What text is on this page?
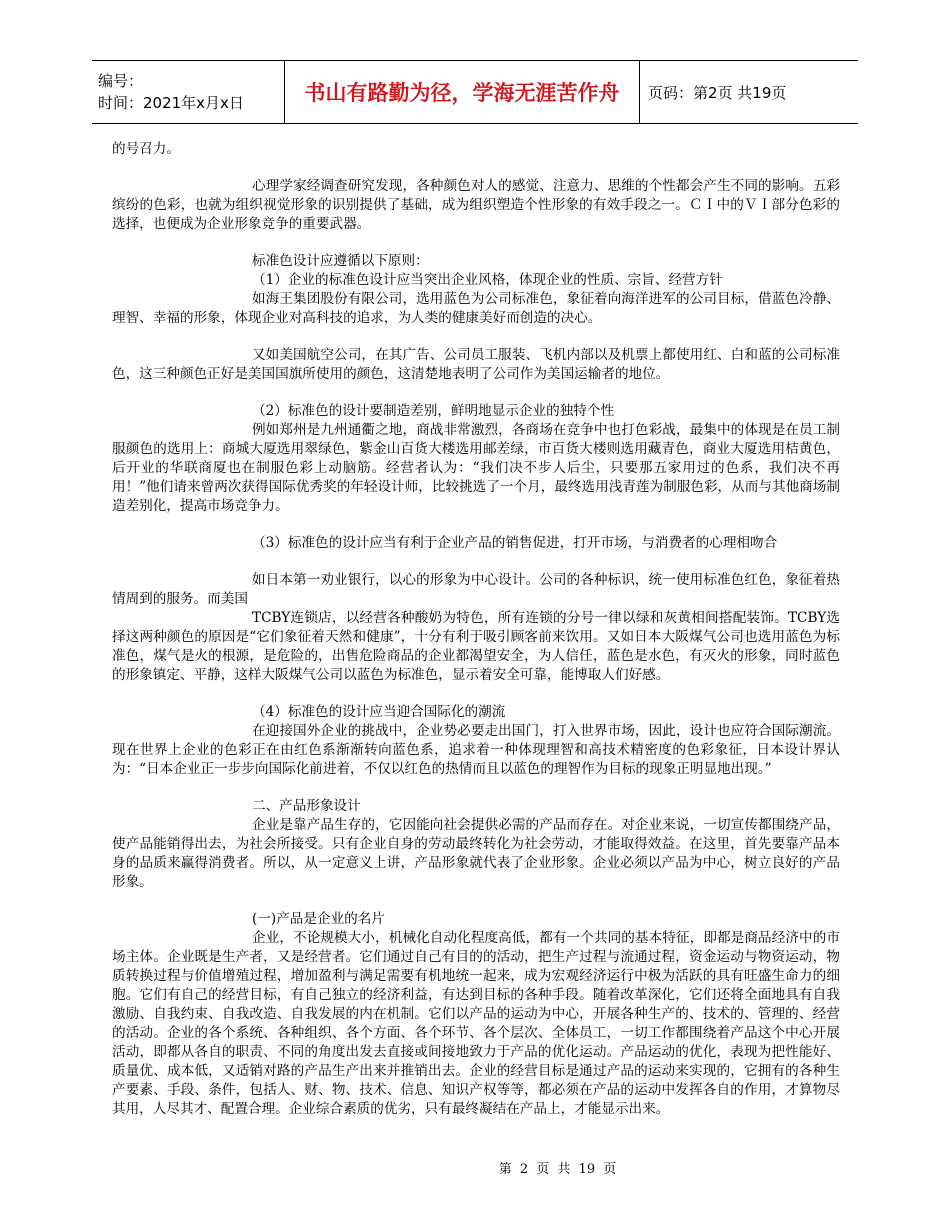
编号：
时间：2021年x月x日	书山有路勤为径，学海无涯苦作舟	页码：第2页 共19页

的号召力。

心理学家经调查研究发现，各种颜色对人的感觉、注意力、思维的个性都会产生不同的影响。五彩缤纷的色彩，也就为组织视觉形象的识别提供了基础，成为组织塑造个性形象的有效手段之一。ＣＩ中的ＶＩ部分色彩的选择，也便成为企业形象竞争的重要武器。

标准色设计应遵循以下原则：

（1）企业的标准色设计应当突出企业风格，体现企业的性质、宗旨、经营方针

如海王集团股份有限公司，选用蓝色为公司标准色，象征着向海洋进军的公司目标，借蓝色冷静、理智、幸福的形象，体现企业对高科技的追求，为人类的健康美好而创造的决心。

又如美国航空公司，在其广告、公司员工服装、飞机内部以及机票上都使用红、白和蓝的公司标准色，这三种颜色正好是美国国旗所使用的颜色，这清楚地表明了公司作为美国运输者的地位。

（2）标准色的设计要制造差别，鲜明地显示企业的独特个性

例如郑州是九州通衢之地，商战非常激烈，各商场在竞争中也打色彩战，最集中的体现是在员工制服颜色的选用上：商城大厦选用翠绿色，紫金山百货大楼选用邮差绿，市百货大楼则选用藏青色，商业大厦选用桔黄色，后开业的华联商厦也在制服色彩上动脑筋。经营者认为：“我们决不步人后尘，只要那五家用过的色系，我们决不再用！”他们请来曾两次获得国际优秀奖的年轻设计师，比较挑选了一个月，最终选用浅青莲为制服色彩，从而与其他商场制造差别化，提高市场竞争力。

（3）标准色的设计应当有利于企业产品的销售促进，打开市场，与消费者的心理相吻合

如日本第一劝业银行，以心的形象为中心设计。公司的各种标识，统一使用标准色红色，象征着热情周到的服务。而美国

TCBY连锁店，以经营各种酸奶为特色，所有连锁的分号一律以绿和灰黄相间搭配装饰。TCBY选择这两种颜色的原因是“它们象征着天然和健康”，十分有利于吸引顾客前来饮用。又如日本大阪煤气公司也选用蓝色为标准色，煤气是火的根源，是危险的，出售危险商品的企业都渴望安全，为人信任，蓝色是水色，有灭火的形象，同时蓝色的形象镇定、平静，这样大阪煤气公司以蓝色为标准色，显示着安全可靠，能博取人们好感。

（4）标准色的设计应当迎合国际化的潮流

在迎接国外企业的挑战中，企业势必要走出国门，打入世界市场，因此，设计也应符合国际潮流。现在世界上企业的色彩正在由红色系渐渐转向蓝色系，追求着一种体现理智和高技术精密度的色彩象征，日本设计界认为：“日本企业正一步步向国际化前进着，不仅以红色的热情而且以蓝色的理智作为目标的现象正明显地出现。”

二、产品形象设计

企业是靠产品生存的，它因能向社会提供必需的产品而存在。对企业来说，一切宣传都围绕产品，使产品能销得出去，为社会所接受。只有企业自身的劳动最终转化为社会劳动，才能取得效益。在这里，首先要靠产品本身的品质来赢得消费者。所以，从一定意义上讲，产品形象就代表了企业形象。企业必须以产品为中心，树立良好的产品形象。

(一)产品是企业的名片

企业，不论规模大小，机械化自动化程度高低，都有一个共同的基本特征，即都是商品经济中的市场主体。企业既是生产者，又是经营者。它们通过自己有目的的活动，把生产过程与流通过程，资金运动与物资运动，物质转换过程与价值增殖过程，增加盈利与满足需要有机地统一起来，成为宏观经济运行中极为活跃的具有旺盛生命力的细胞。它们有自己的经营目标，有自己独立的经济利益，有达到目标的各种手段。随着改革深化，它们还将全面地具有自我激励、自我约束、自我改造、自我发展的内在机制。它们以产品的运动为中心，开展各种生产的、技术的、管理的、经营的活动。企业的各个系统、各种组织、各个方面、各个环节、各个层次、全体员工，一切工作都围绕着产品这个中心开展活动，即都从各自的职责、不同的角度出发去直接或间接地致力于产品的优化运动。产品运动的优化，表现为把性能好、质量优、成本低，又适销对路的产品生产出来并推销出去。企业的经营目标是通过产品的运动来实现的，它拥有的各种生产要素、手段、条件，包括人、财、物、技术、信息、知识产权等等，都必须在产品的运动中发挥各自的作用，才算物尽其用，人尽其才、配置合理。企业综合素质的优劣，只有最终凝结在产品上，才能显示出来。

第 2 页 共 19 页
